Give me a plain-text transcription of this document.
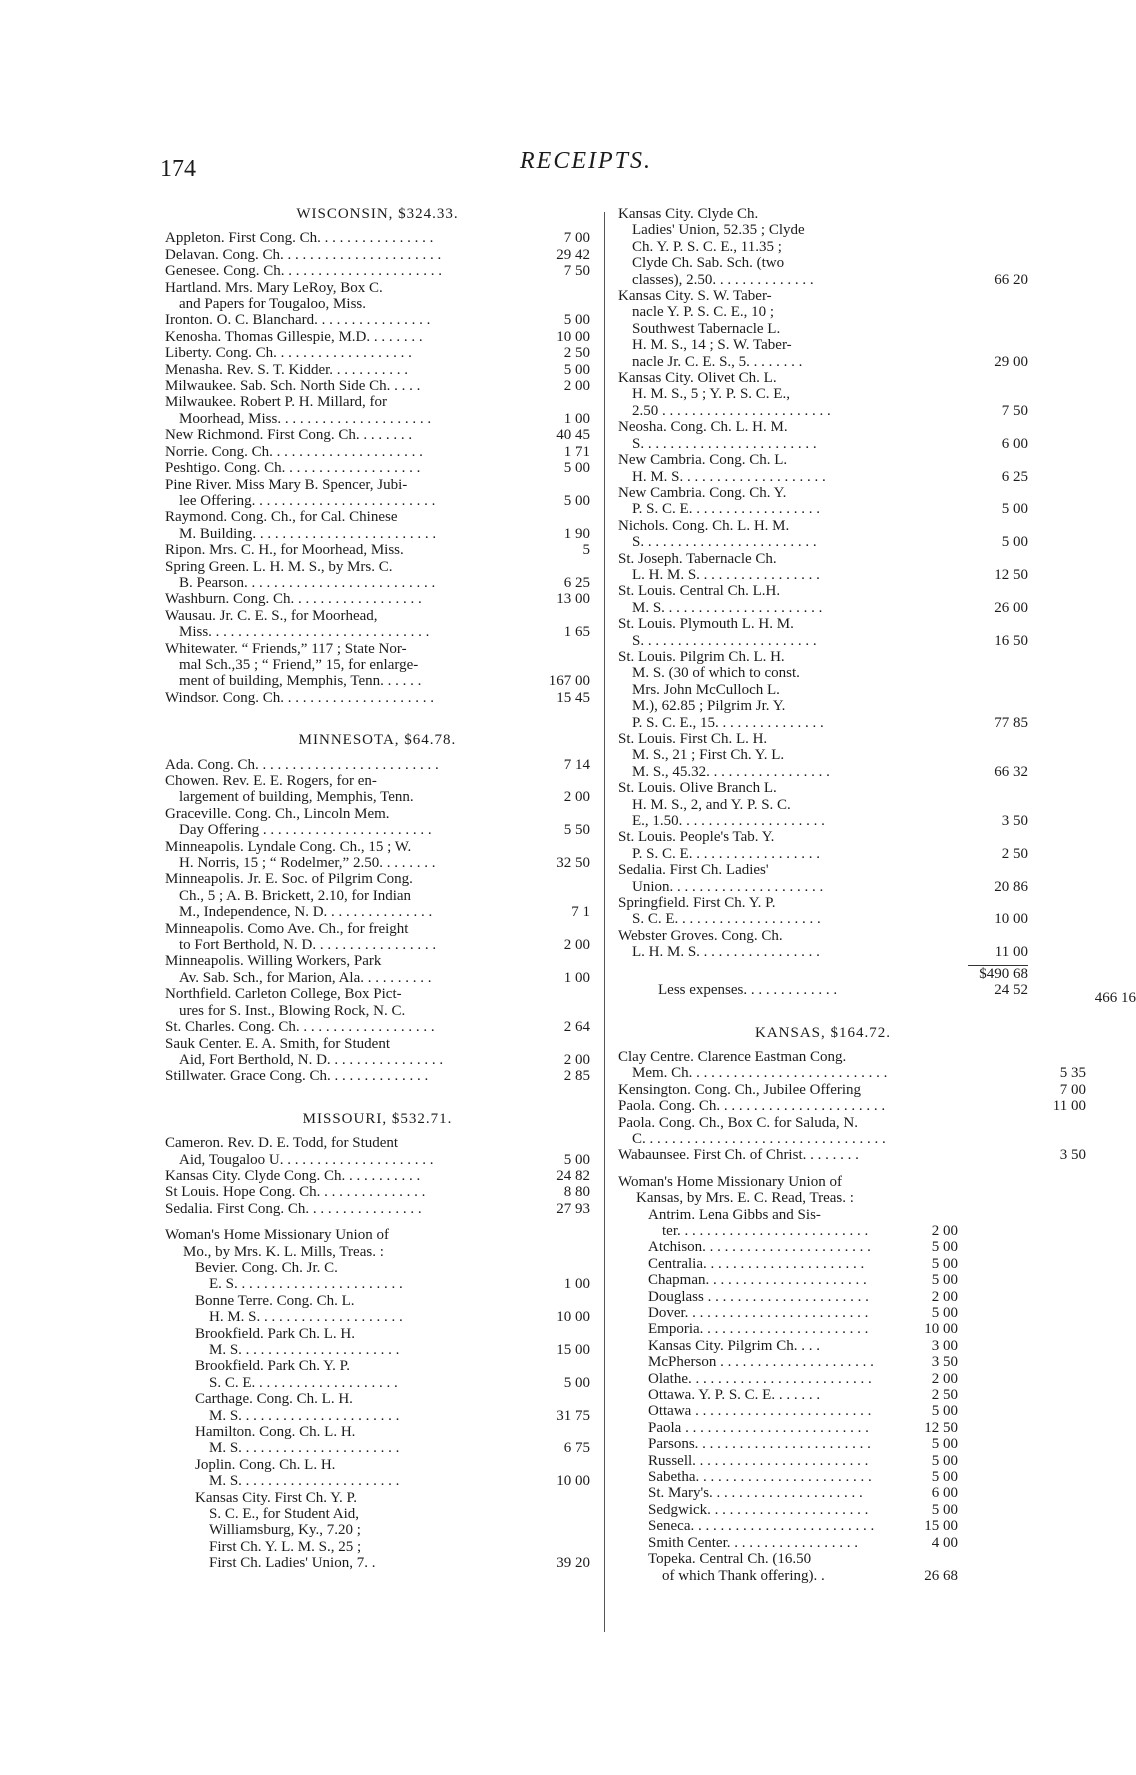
174	RECEIPTS.
WISCONSIN, $324.33.
Appleton. First Cong. Ch. . . . . . . . . . . . . . . .	7 00
Delavan. Cong. Ch. . . . . . . . . . . . . . . . . . . . . .	29 42
Genesee. Cong. Ch. . . . . . . . . . . . . . . . . . . . . .	7 50
Hartland. Mrs. Mary LeRoy, Box C.
and Papers for Tougaloo, Miss.
Ironton. O. C. Blanchard. . . . . . . . . . . . . . . .	5 00
Kenosha. Thomas Gillespie, M.D. . . . . . . .	10 00
Liberty. Cong. Ch. . . . . . . . . . . . . . . . . . .	2 50
Menasha. Rev. S. T. Kidder. . . . . . . . . . .	5 00
Milwaukee. Sab. Sch. North Side Ch. . . . .	2 00
Milwaukee. Robert P. H. Millard, for
Moorhead, Miss. . . . . . . . . . . . . . . . . . . . .	1 00
New Richmond. First Cong. Ch. . . . . . . .	40 45
Norrie. Cong. Ch. . . . . . . . . . . . . . . . . . . . .	1 71
Peshtigo. Cong. Ch. . . . . . . . . . . . . . . . . . .	5 00
Pine River. Miss Mary B. Spencer, Jubi-
lee Offering. . . . . . . . . . . . . . . . . . . . . . . . .	5 00
Raymond. Cong. Ch., for Cal. Chinese
M. Building. . . . . . . . . . . . . . . . . . . . . . . . .	1 90
Ripon. Mrs. C. H., for Moorhead, Miss.	5
Spring Green. L. H. M. S., by Mrs. C.
B. Pearson. . . . . . . . . . . . . . . . . . . . . . . . . .	6 25
Washburn. Cong. Ch. . . . . . . . . . . . . . . . . .	13 00
Wausau. Jr. C. E. S., for Moorhead,
Miss. . . . . . . . . . . . . . . . . . . . . . . . . . . . . .	1 65
Whitewater. “ Friends,” 117 ; State Nor-
mal Sch.,35 ; “ Friend,” 15, for enlarge-
ment of building, Memphis, Tenn. . . . . .	167 00
Windsor. Cong. Ch. . . . . . . . . . . . . . . . . . . . .	15 45
MINNESOTA, $64.78.
Ada. Cong. Ch. . . . . . . . . . . . . . . . . . . . . . . . .	7 14
Chowen. Rev. E. E. Rogers, for en-
largement of building, Memphis, Tenn.	2 00
Graceville. Cong. Ch., Lincoln Mem.
Day Offering . . . . . . . . . . . . . . . . . . . . . . .	5 50
Minneapolis. Lyndale Cong. Ch., 15 ; W.
H. Norris, 15 ; “ Rodelmer,” 2.50. . . . . . . .	32 50
Minneapolis. Jr. E. Soc. of Pilgrim Cong.
Ch., 5 ; A. B. Brickett, 2.10, for Indian
M., Independence, N. D. . . . . . . . . . . . . . .	7 1
Minneapolis. Como Ave. Ch., for freight
to Fort Berthold, N. D. . . . . . . . . . . . . . . . .	2 00
Minneapolis. Willing Workers, Park
Av. Sab. Sch., for Marion, Ala. . . . . . . . . .	1 00
Northfield. Carleton College, Box Pict-
ures for S. Inst., Blowing Rock, N. C.
St. Charles. Cong. Ch. . . . . . . . . . . . . . . . . . .	2 64
Sauk Center. E. A. Smith, for Student
Aid, Fort Berthold, N. D. . . . . . . . . . . . . . . .	2 00
Stillwater. Grace Cong. Ch. . . . . . . . . . . . . .	2 85
MISSOURI, $532.71.
Cameron. Rev. D. E. Todd, for Student
Aid, Tougaloo U. . . . . . . . . . . . . . . . . . . . .	5 00
Kansas City. Clyde Cong. Ch. . . . . . . . . . .	24 82
St Louis. Hope Cong. Ch. . . . . . . . . . . . . . .	8 80
Sedalia. First Cong. Ch. . . . . . . . . . . . . . . .	27 93
Woman's Home Missionary Union of
Mo., by Mrs. K. L. Mills, Treas. :
Bevier. Cong. Ch. Jr. C.
E. S. . . . . . . . . . . . . . . . . . . . . . .	1 00
Bonne Terre. Cong. Ch. L.
H. M. S. . . . . . . . . . . . . . . . . . . .	10 00
Brookfield. Park Ch. L. H.
M. S. . . . . . . . . . . . . . . . . . . . . .	15 00
Brookfield. Park Ch. Y. P.
S. C. E. . . . . . . . . . . . . . . . . . . .	5 00
Carthage. Cong. Ch. L. H.
M. S. . . . . . . . . . . . . . . . . . . . . .	31 75
Hamilton. Cong. Ch. L. H.
M. S. . . . . . . . . . . . . . . . . . . . . .	6 75
Joplin. Cong. Ch. L. H.
M. S. . . . . . . . . . . . . . . . . . . . . .	10 00
Kansas City. First Ch. Y. P.
S. C. E., for Student Aid,
Williamsburg, Ky., 7.20 ;
First Ch. Y. L. M. S., 25 ;
First Ch. Ladies' Union, 7. .	39 20
Kansas City. Clyde Ch.
Ladies' Union, 52.35 ; Clyde
Ch. Y. P. S. C. E., 11.35 ;
Clyde Ch. Sab. Sch. (two
classes), 2.50. . . . . . . . . . . . . .	66 20
Kansas City. S. W. Taber-
nacle Y. P. S. C. E., 10 ;
Southwest Tabernacle L.
H. M. S., 14 ; S. W. Taber-
nacle Jr. C. E. S., 5. . . . . . . .	29 00
Kansas City. Olivet Ch. L.
H. M. S., 5 ; Y. P. S. C. E.,
2.50 . . . . . . . . . . . . . . . . . . . . . . .	7 50
Neosha. Cong. Ch. L. H. M.
S. . . . . . . . . . . . . . . . . . . . . . . .	6 00
New Cambria. Cong. Ch. L.
H. M. S. . . . . . . . . . . . . . . . . . . .	6 25
New Cambria. Cong. Ch. Y.
P. S. C. E. . . . . . . . . . . . . . . . . .	5 00
Nichols. Cong. Ch. L. H. M.
S. . . . . . . . . . . . . . . . . . . . . . . .	5 00
St. Joseph. Tabernacle Ch.
L. H. M. S. . . . . . . . . . . . . . . . .	12 50
St. Louis. Central Ch. L.H.
M. S. . . . . . . . . . . . . . . . . . . . . .	26 00
St. Louis. Plymouth L. H. M.
S. . . . . . . . . . . . . . . . . . . . . . . .	16 50
St. Louis. Pilgrim Ch. L. H.
M. S. (30 of which to const.
Mrs. John McCulloch L.
M.), 62.85 ; Pilgrim Jr. Y.
P. S. C. E., 15. . . . . . . . . . . . . . .	77 85
St. Louis. First Ch. L. H.
M. S., 21 ; First Ch. Y. L.
M. S., 45.32. . . . . . . . . . . . . . . . .	66 32
St. Louis. Olive Branch L.
H. M. S., 2, and Y. P. S. C.
E., 1.50. . . . . . . . . . . . . . . . . . . .	3 50
St. Louis. People's Tab. Y.
P. S. C. E. . . . . . . . . . . . . . . . . .	2 50
Sedalia. First Ch. Ladies'
Union. . . . . . . . . . . . . . . . . . . . .	20 86
Springfield. First Ch. Y. P.
S. C. E. . . . . . . . . . . . . . . . . . . .	10 00
Webster Groves. Cong. Ch.
L. H. M. S. . . . . . . . . . . . . . . . .	11 00
$490 68
Less expenses. . . . . . . . . . . . .	24 52	466 16
KANSAS, $164.72.
Clay Centre. Clarence Eastman Cong.
Mem. Ch. . . . . . . . . . . . . . . . . . . . . . . . . . .	5 35
Kensington. Cong. Ch., Jubilee Offering	7 00
Paola. Cong. Ch. . . . . . . . . . . . . . . . . . . . . . .	11 00
Paola. Cong. Ch., Box C. for Saluda, N.
C. . . . . . . . . . . . . . . . . . . . . . . . . . . . . . . . .
Wabaunsee. First Ch. of Christ. . . . . . . .	3 50
Woman's Home Missionary Union of
Kansas, by Mrs. E. C. Read, Treas. :
Antrim. Lena Gibbs and Sis-
ter. . . . . . . . . . . . . . . . . . . . . . . . . .	2 00
Atchison. . . . . . . . . . . . . . . . . . . . . . .	5 00
Centralia. . . . . . . . . . . . . . . . . . . . . .	5 00
Chapman. . . . . . . . . . . . . . . . . . . . . .	5 00
Douglass . . . . . . . . . . . . . . . . . . . . . .	2 00
Dover. . . . . . . . . . . . . . . . . . . . . . . . .	5 00
Emporia. . . . . . . . . . . . . . . . . . . . . . .	10 00
Kansas City. Pilgrim Ch. . . .	3 00
McPherson . . . . . . . . . . . . . . . . . . . . .	3 50
Olathe. . . . . . . . . . . . . . . . . . . . . . . . .	2 00
Ottawa. Y. P. S. C. E. . . . . . .	2 50
Ottawa . . . . . . . . . . . . . . . . . . . . . . . .	5 00
Paola . . . . . . . . . . . . . . . . . . . . . . . . .	12 50
Parsons. . . . . . . . . . . . . . . . . . . . . . . .	5 00
Russell. . . . . . . . . . . . . . . . . . . . . . . .	5 00
Sabetha. . . . . . . . . . . . . . . . . . . . . . . .	5 00
St. Mary's. . . . . . . . . . . . . . . . . . . . .	6 00
Sedgwick. . . . . . . . . . . . . . . . . . . . . .	5 00
Seneca. . . . . . . . . . . . . . . . . . . . . . . . .	15 00
Smith Center. . . . . . . . . . . . . . . . . .	4 00
Topeka. Central Ch. (16.50
of which Thank offering). .	26 68
